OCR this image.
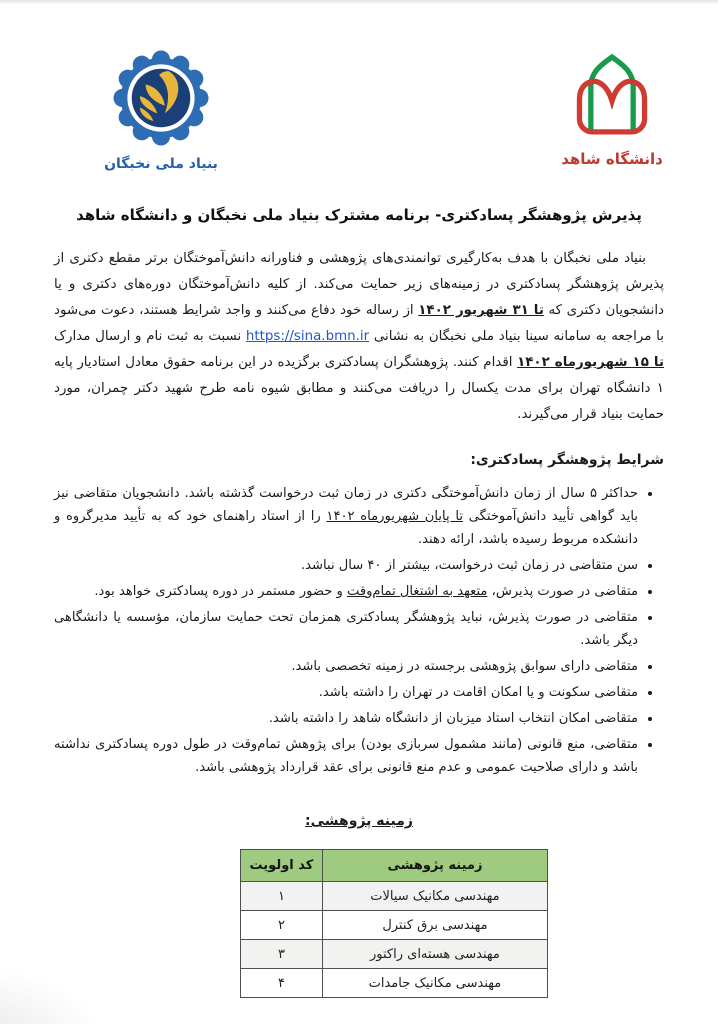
بنیاد ملی نخبگان	دانشگاه شاهد
پذیرش پژوهشگر پسادکتری- برنامه مشترک بنیاد ملی نخبگان و دانشگاه شاهد

بنیاد ملی نخبگان با هدف به‌کارگیری توانمندی‌های پژوهشی و فناورانه دانش‌آموختگان برتر مقطع دکتری از پذیرش پژوهشگر پسادکتری در زمینه‌های زیر حمایت می‌کند. از کلیه دانش‌آموختگان دوره‌های دکتری و یا دانشجویان دکتری که تا ۳۱ شهریور ۱۴۰۲ از رساله خود دفاع می‌کنند و واجد شرایط هستند، دعوت می‌شود با مراجعه به سامانه سینا بنیاد ملی نخبگان به نشانی https://sina.bmn.ir نسبت به ثبت نام و ارسال مدارک تا ۱۵ شهریورماه ۱۴۰۲ اقدام کنند. پژوهشگران پسادکتری برگزیده در این برنامه حقوق معادل استادیار پایه ۱ دانشگاه تهران برای مدت یکسال را دریافت می‌کنند و مطابق شیوه نامه طرح شهید دکتر چمران، مورد حمایت بنیاد قرار می‌گیرند.

شرایط پژوهشگر پسادکتری:
• حداکثر ۵ سال از زمان دانش‌آموختگی دکتری در زمان ثبت درخواست گذشته باشد. دانشجویان متقاضی نیز باید گواهی تأیید دانش‌آموختگی تا پایان شهریورماه ۱۴۰۲ را از استاد راهنمای خود که به تأیید مدیرگروه و دانشکده مربوط رسیده باشد، ارائه دهند.
• سن متقاضی در زمان ثبت درخواست، بیشتر از ۴۰ سال نباشد.
• متقاضی در صورت پذیرش، متعهد به اشتغال تمام‌وقت و حضور مستمر در دوره پسادکتری خواهد بود.
• متقاضی در صورت پذیرش، نباید پژوهشگر پسادکتری همزمان تحت حمایت سازمان، مؤسسه یا دانشگاهی دیگر باشد.
• متقاضی دارای سوابق پژوهشی برجسته در زمینه تخصصی باشد.
• متقاضی سکونت و یا امکان اقامت در تهران را داشته باشد.
• متقاضی امکان انتخاب استاد میزبان از دانشگاه شاهد را داشته باشد.
• متقاضی، منع قانونی (مانند مشمول سربازی بودن) برای پژوهش تمام‌وقت در طول دوره پسادکتری نداشته باشد و دارای صلاحیت عمومی و عدم منع قانونی برای عقد قرارداد پژوهشی باشد.
زمینه پژوهشی:
زمینه پژوهشی	کد اولویت
مهندسی مکانیک سیالات	۱
مهندسی برق کنترل	۲
مهندسی هسته‌ای راکتور	۳
مهندسی مکانیک جامدات	۴
